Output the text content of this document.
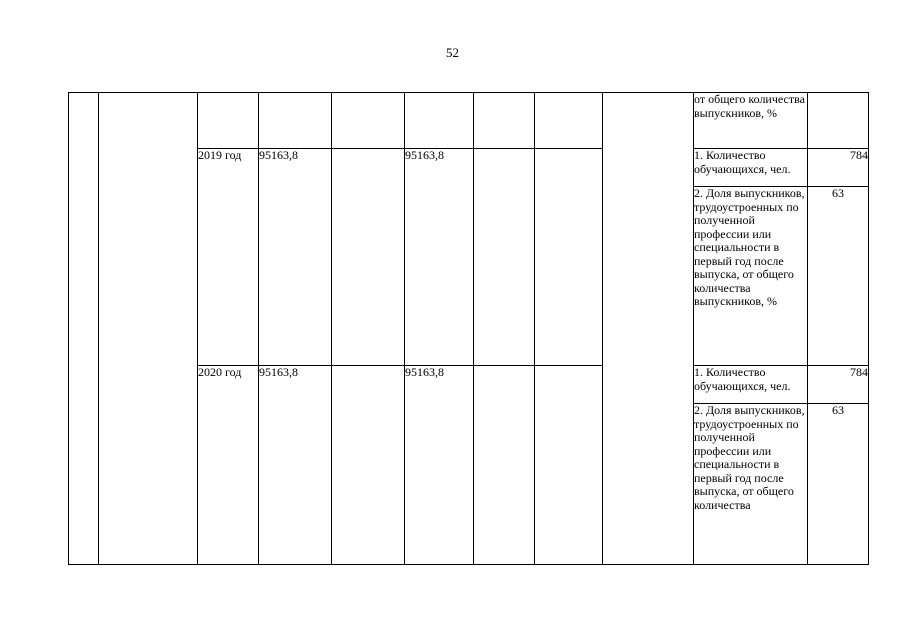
52
									от общего количества выпускников, %	
		2019 год	95163,8		95163,8				1. Количество обучающихся, чел.	784
									2. Доля выпускников, трудоустроенных по полученной профессии или специальности в первый год после выпуска, от общего количества выпускников, %	63
		2020 год	95163,8		95163,8				1. Количество обучающихся, чел.	784

									2. Доля выпускников, трудоустроенных по полученной профессии или специальности в первый год после выпуска, от общего количества	63
